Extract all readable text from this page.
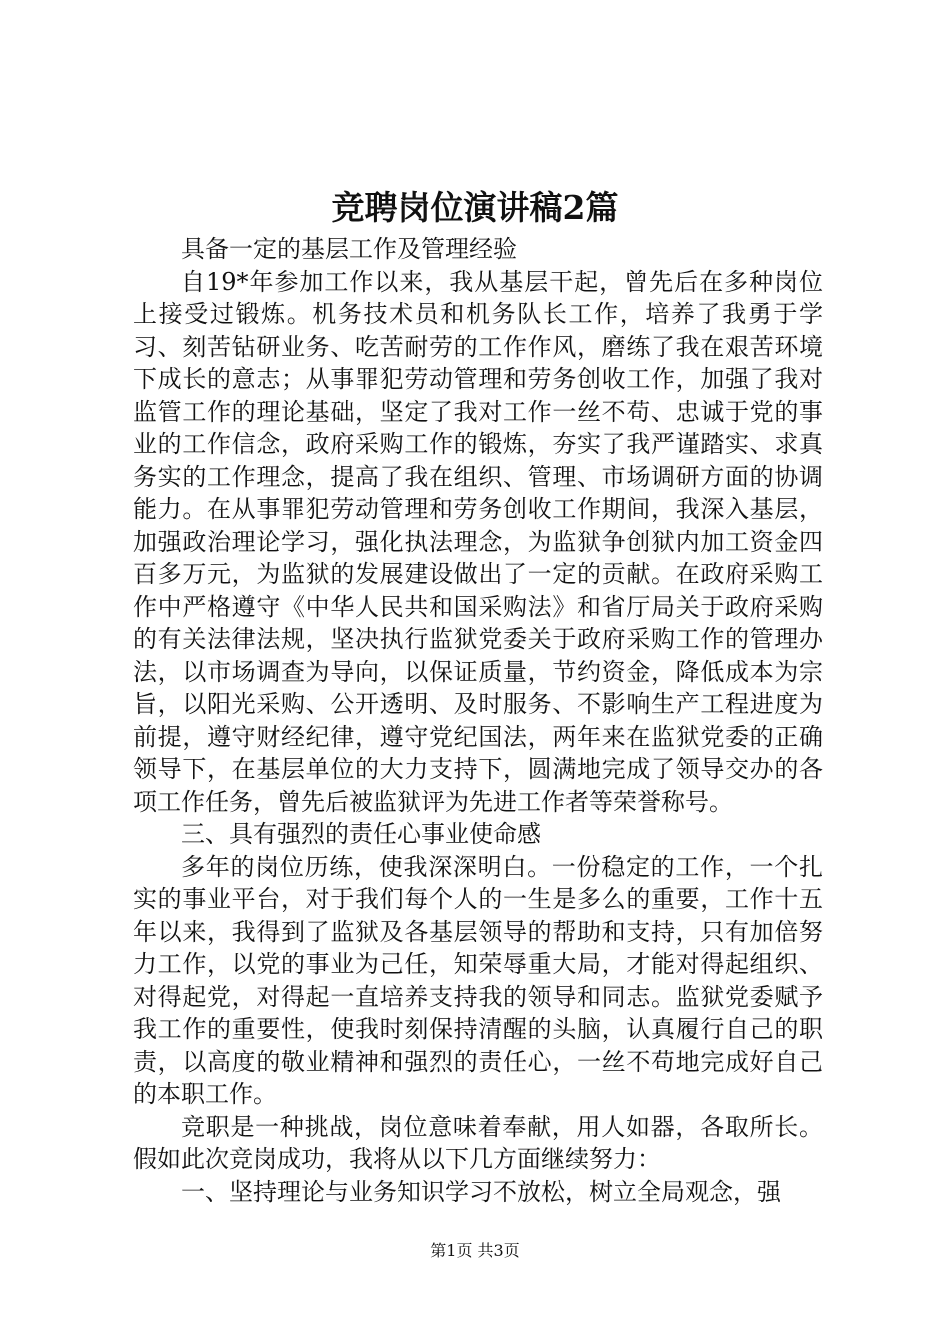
竞聘岗位演讲稿2篇

具备一定的基层工作及管理经验

自19*年参加工作以来，我从基层干起，曾先后在多种岗位上接受过锻炼。机务技术员和机务队长工作，培养了我勇于学习、刻苦钻研业务、吃苦耐劳的工作作风，磨练了我在艰苦环境下成长的意志；从事罪犯劳动管理和劳务创收工作，加强了我对监管工作的理论基础，坚定了我对工作一丝不苟、忠诚于党的事业的工作信念，政府采购工作的锻炼，夯实了我严谨踏实、求真务实的工作理念，提高了我在组织、管理、市场调研方面的协调能力。在从事罪犯劳动管理和劳务创收工作期间，我深入基层，加强政治理论学习，强化执法理念，为监狱争创狱内加工资金四百多万元，为监狱的发展建设做出了一定的贡献。在政府采购工作中严格遵守《中华人民共和国采购法》和省厅局关于政府采购的有关法律法规，坚决执行监狱党委关于政府采购工作的管理办法，以市场调查为导向，以保证质量，节约资金，降低成本为宗旨，以阳光采购、公开透明、及时服务、不影响生产工程进度为前提，遵守财经纪律，遵守党纪国法，两年来在监狱党委的正确领导下，在基层单位的大力支持下，圆满地完成了领导交办的各项工作任务，曾先后被监狱评为先进工作者等荣誉称号。

三、具有强烈的责任心事业使命感

多年的岗位历练，使我深深明白。一份稳定的工作，一个扎实的事业平台，对于我们每个人的一生是多么的重要，工作十五年以来，我得到了监狱及各基层领导的帮助和支持，只有加倍努力工作，以党的事业为己任，知荣辱重大局，才能对得起组织、对得起党，对得起一直培养支持我的领导和同志。监狱党委赋予我工作的重要性，使我时刻保持清醒的头脑，认真履行自己的职责，以高度的敬业精神和强烈的责任心，一丝不苟地完成好自己的本职工作。

竞职是一种挑战，岗位意味着奉献，用人如器，各取所长。假如此次竞岗成功，我将从以下几方面继续努力：

一、坚持理论与业务知识学习不放松，树立全局观念，强

第1页 共3页
